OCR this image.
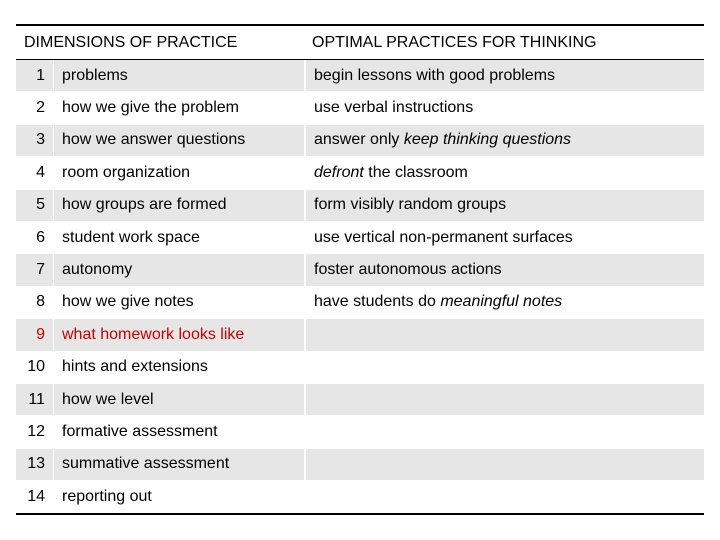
DIMENSIONS OF PRACTICE	OPTIMAL PRACTICES FOR THINKING
1	problems	begin lessons with good problems
2	how we give the problem	use verbal instructions
3	how we answer questions	answer only keep thinking questions
4	room organization	defront the classroom
5	how groups are formed	form visibly random groups
6	student work space	use vertical non-permanent surfaces
7	autonomy	foster autonomous actions
8	how we give notes	have students do meaningful notes
9	what homework looks like
10	hints and extensions
11	how we level
12	formative assessment
13	summative assessment
14	reporting out
